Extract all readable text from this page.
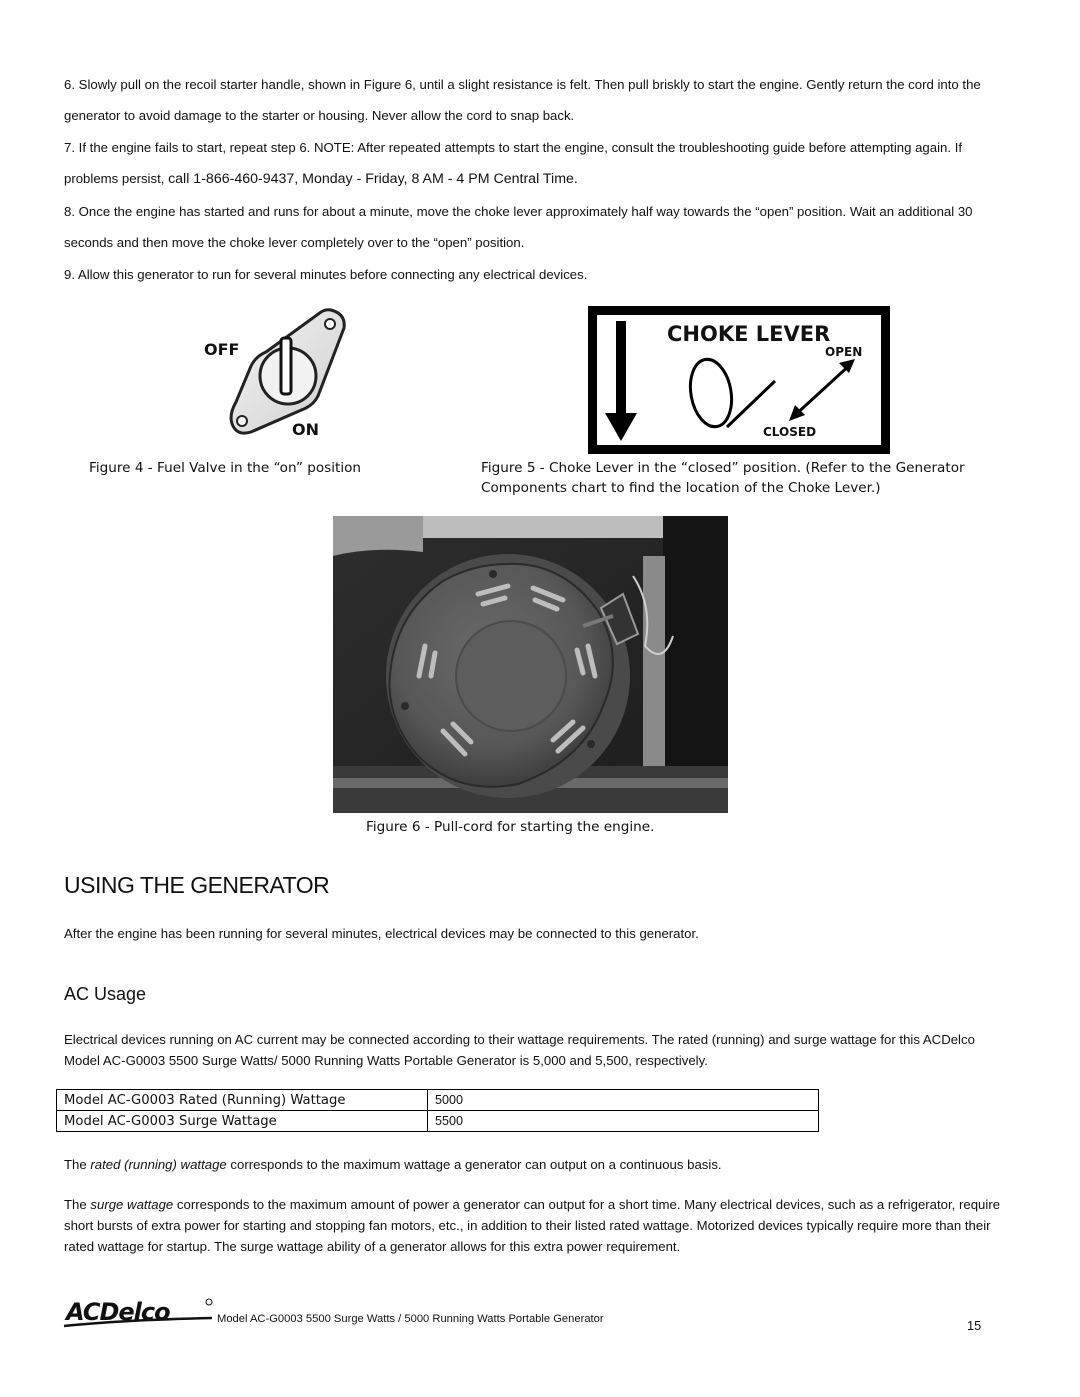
6. Slowly pull on the recoil starter handle, shown in Figure 6, until a slight resistance is felt. Then pull briskly to start the engine. Gently return the cord into the generator to avoid damage to the starter or housing. Never allow the cord to snap back.
7. If the engine fails to start, repeat step 6. NOTE: After repeated attempts to start the engine, consult the troubleshooting guide before attempting again. If problems persist, call 1-866-460-9437, Monday - Friday, 8 AM - 4 PM Central Time.
8. Once the engine has started and runs for about a minute, move the choke lever approximately half way towards the “open” position. Wait an additional 30 seconds and then move the choke lever completely over to the “open” position.
9. Allow this generator to run for several minutes before connecting any electrical devices.
OFF
ON
Figure 4 - Fuel Valve in the “on” position
CHOKE LEVER
OPEN
CLOSED
Figure 5 - Choke Lever in the “closed” position. (Refer to the Generator Components chart to find the location of the Choke Lever.)
Figure 6 - Pull-cord for starting the engine.
USING THE GENERATOR
After the engine has been running for several minutes, electrical devices may be connected to this generator.
AC Usage
Electrical devices running on AC current may be connected according to their wattage requirements. The rated (running) and surge wattage for this ACDelco Model AC-G0003 5500 Surge Watts/ 5000 Running Watts Portable Generator is 5,000 and 5,500, respectively.
Model AC-G0003 Rated (Running) Wattage	5000
Model AC-G0003 Surge Wattage	5500
The rated (running) wattage corresponds to the maximum wattage a generator can output on a continuous basis.
The surge wattage corresponds to the maximum amount of power a generator can output for a short time. Many electrical devices, such as a refrigerator, require short bursts of extra power for starting and stopping fan motors, etc., in addition to their listed rated wattage. Motorized devices typically require more than their rated wattage for startup. The surge wattage ability of a generator allows for this extra power requirement.
ACDelco	Model AC-G0003 5500 Surge Watts / 5000 Running Watts Portable Generator	15
